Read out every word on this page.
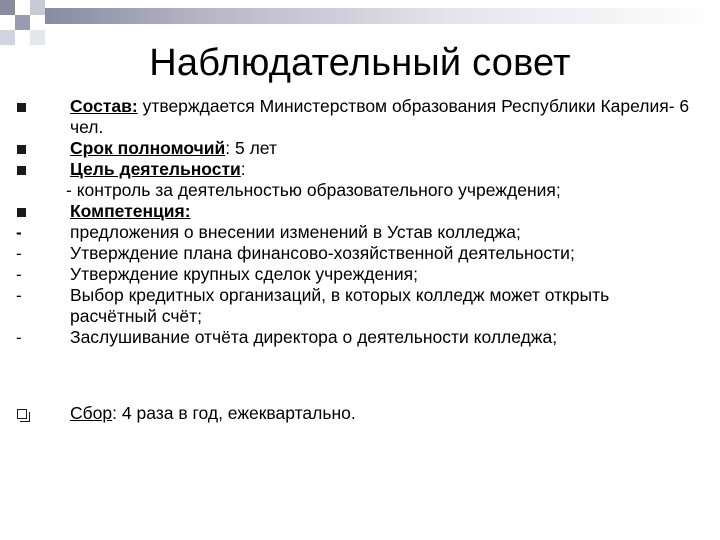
Наблюдательный совет
Состав: утверждается Министерством образования Республики Карелия- 6 чел.
Срок полномочий: 5 лет
Цель деятельности:
- контроль за деятельностью образовательного учреждения;
Компетенция:
-
предложения о внесении изменений в Устав колледжа;
-
Утверждение плана финансово-хозяйственной деятельности;
-
Утверждение крупных сделок учреждения;
-
Выбор кредитных организаций, в которых колледж может открыть расчётный счёт;
-
Заслушивание отчёта директора о деятельности колледжа;
Сбор: 4 раза в год, ежеквартально.
